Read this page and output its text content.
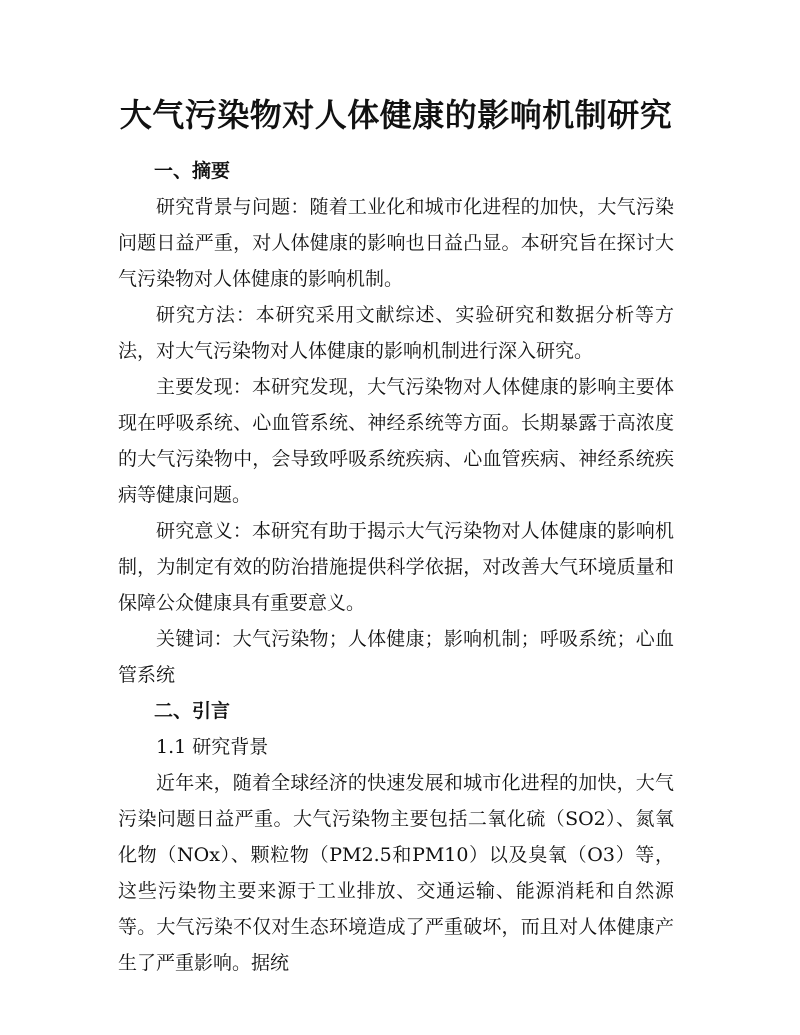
大气污染物对人体健康的影响机制研究
一、摘要

研究背景与问题：随着工业化和城市化进程的加快，大气污染问题日益严重，对人体健康的影响也日益凸显。本研究旨在探讨大气污染物对人体健康的影响机制。

研究方法：本研究采用文献综述、实验研究和数据分析等方法，对大气污染物对人体健康的影响机制进行深入研究。

主要发现：本研究发现，大气污染物对人体健康的影响主要体现在呼吸系统、心血管系统、神经系统等方面。长期暴露于高浓度的大气污染物中，会导致呼吸系统疾病、心血管疾病、神经系统疾病等健康问题。

研究意义：本研究有助于揭示大气污染物对人体健康的影响机制，为制定有效的防治措施提供科学依据，对改善大气环境质量和保障公众健康具有重要意义。

关键词：大气污染物；人体健康；影响机制；呼吸系统；心血管系统

二、引言

1.1 研究背景

近年来，随着全球经济的快速发展和城市化进程的加快，大气污染问题日益严重。大气污染物主要包括二氧化硫（SO2）、氮氧化物（NOx）、颗粒物（PM2.5和PM10）以及臭氧（O3）等，这些污染物主要来源于工业排放、交通运输、能源消耗和自然源等。大气污染不仅对生态环境造成了严重破坏，而且对人体健康产生了严重影响。据统
